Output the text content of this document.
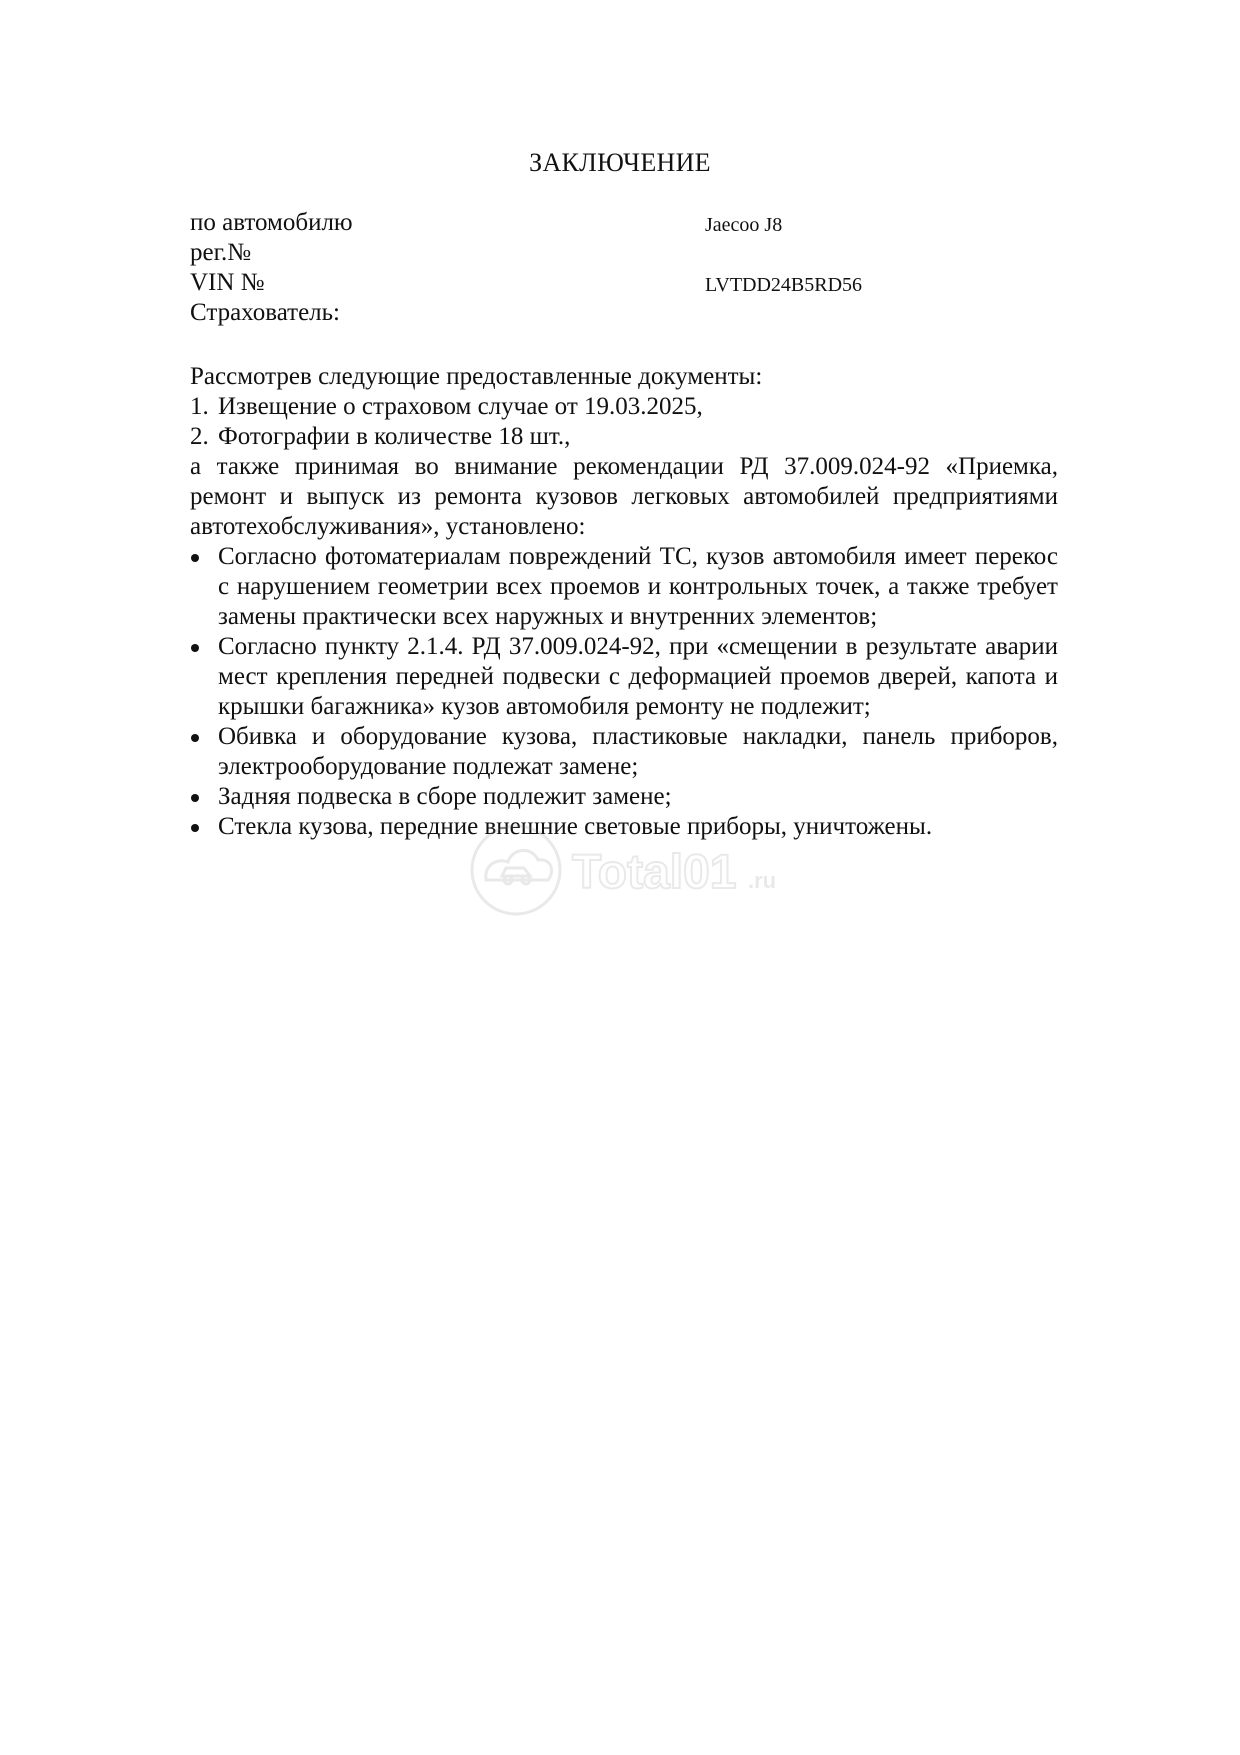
ЗАКЛЮЧЕНИЕ
по автомобилю	Jaecoo J8
рег.№
VIN №	LVTDD24B5RD56
Страхователь:

Рассмотрев следующие предоставленные документы:

1. Извещение о страховом случае от 19.03.2025,
2. Фотографии в количестве 18 шт.,

а также принимая во внимание рекомендации РД 37.009.024-92 «Приемка, ремонт и выпуск из ремонта кузовов легковых автомобилей предприятиями автотехобслуживания», установлено:

Согласно фотоматериалам повреждений ТС, кузов автомобиля имеет перекос с нарушением геометрии всех проемов и контрольных точек, а также требует замены практически всех наружных и внутренних элементов;
Согласно пункту 2.1.4. РД 37.009.024-92, при «смещении в результате аварии мест крепления передней подвески с деформацией проемов дверей, капота и крышки багажника» кузов автомобиля ремонту не подлежит;
Обивка и оборудование кузова, пластиковые накладки, панель приборов, электрооборудование подлежат замене;
Задняя подвеска в сборе подлежит замене;
Стекла кузова, передние внешние световые приборы, уничтожены.
Total01 .ru
